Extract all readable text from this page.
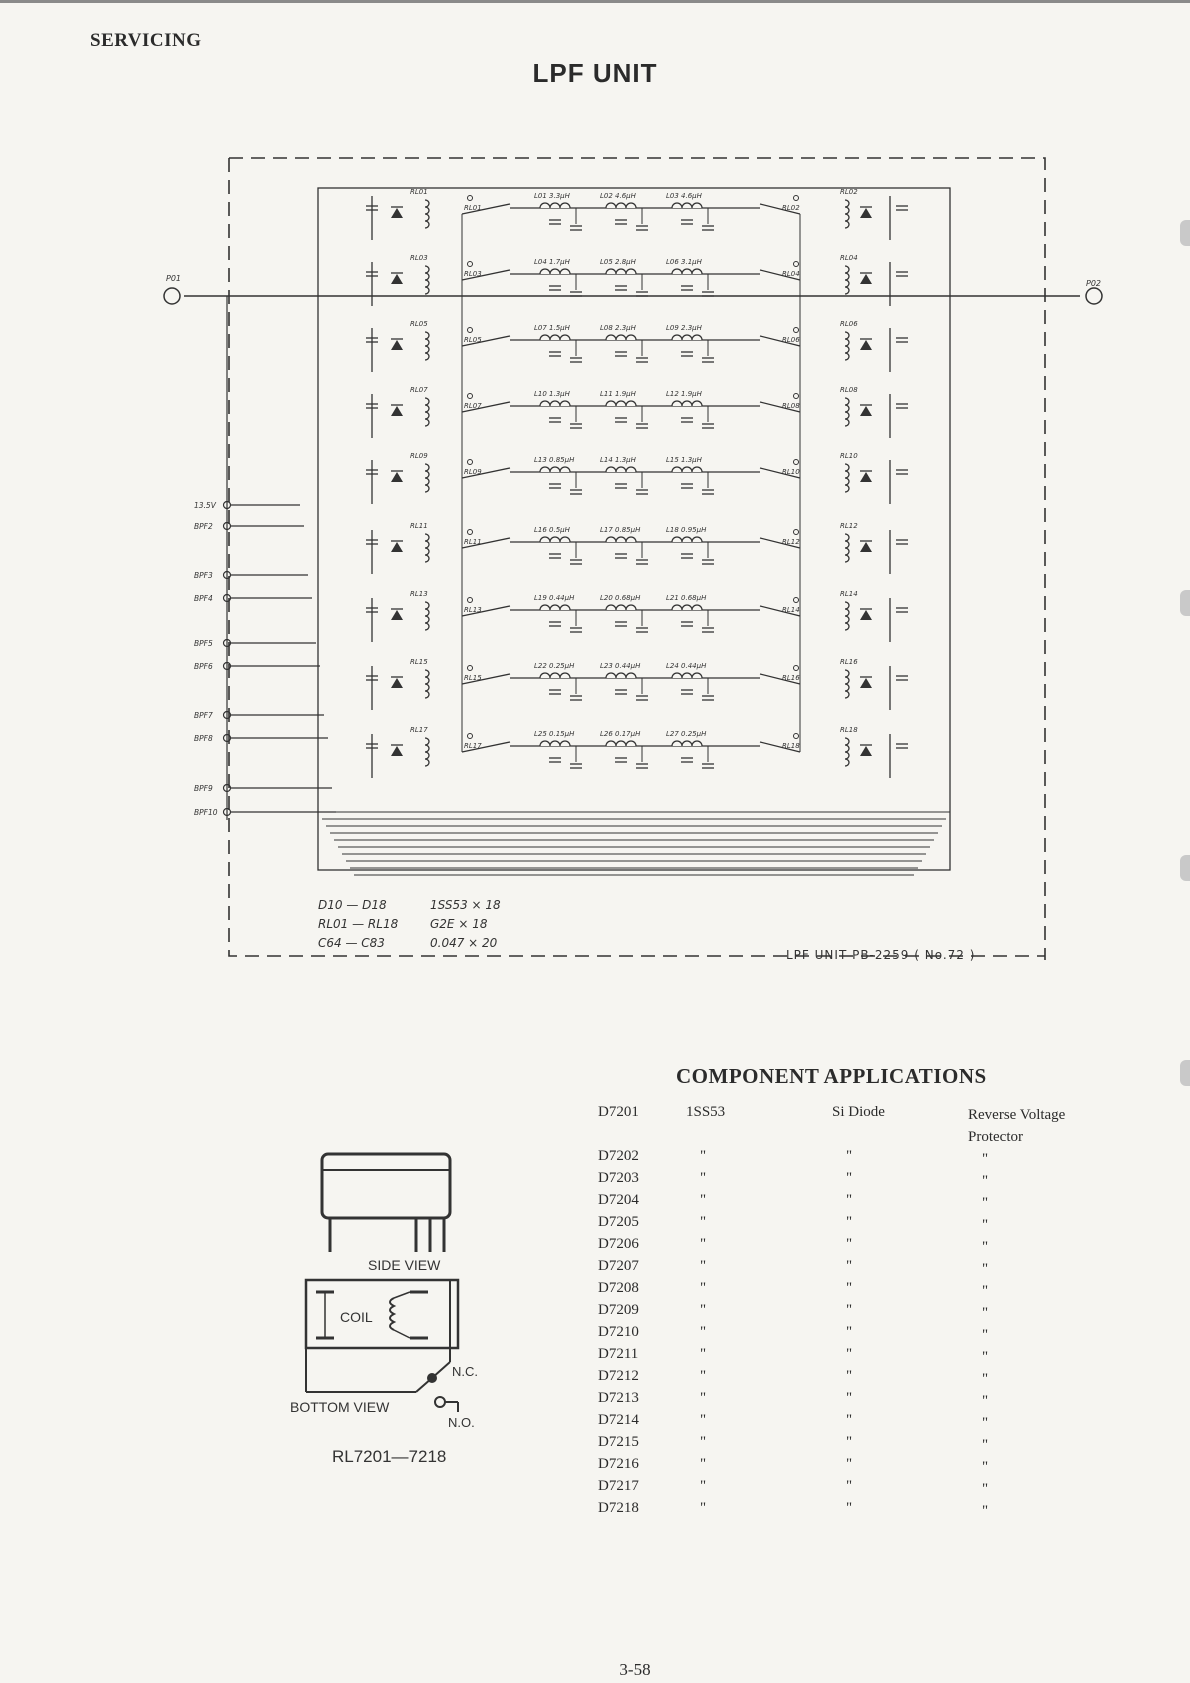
SERVICING
LPF UNIT
P01
P02
13.5V
BPF2
BPF3
BPF4
BPF5
BPF6
BPF7
BPF8
BPF9
BPF10
RL01
RL01
RL03
RL03
RL05
RL05
RL07
RL07
RL09
RL09
RL11
RL11
RL13
RL13
RL15
RL15
RL17
RL17
RL02
RL02
RL04
RL04
RL06
RL06
RL08
RL08
RL10
RL10
RL12
RL12
RL14
RL14
RL16
RL16
RL18
RL18
L01 3.3μH	L02 4.6μH	L03 4.6μH
L04 1.7μH	L05 2.8μH	L06 3.1μH
L07 1.5μH	L08 2.3μH	L09 2.3μH
L10 1.3μH	L11 1.9μH	L12 1.9μH
L13 0.85μH	L14 1.3μH	L15 1.3μH
L16 0.5μH	L17 0.85μH	L18 0.95μH
L19 0.44μH	L20 0.68μH	L21 0.68μH
L22 0.25μH	L23 0.44μH	L24 0.44μH
L25 0.15μH	L26 0.17μH	L27 0.25μH
D10 — D18	1SS53 × 18
RL01 — RL18	G2E × 18
C64 — C83	0.047 × 20
LPF UNIT PB-2259 ( No.72 )
SIDE VIEW
COIL
N.C.
BOTTOM VIEW
N.O.
RL7201—7218
COMPONENT APPLICATIONS
D7201	1SS53	Si Diode	Reverse Voltage Protector
D7202	"	"	"
D7203	"	"	"
D7204	"	"	"
D7205	"	"	"
D7206	"	"	"
D7207	"	"	"
D7208	"	"	"
D7209	"	"	"
D7210	"	"	"
D7211	"	"	"
D7212	"	"	"
D7213	"	"	"
D7214	"	"	"
D7215	"	"	"
D7216	"	"	"
D7217	"	"	"
D7218	"	"	"
3-58
